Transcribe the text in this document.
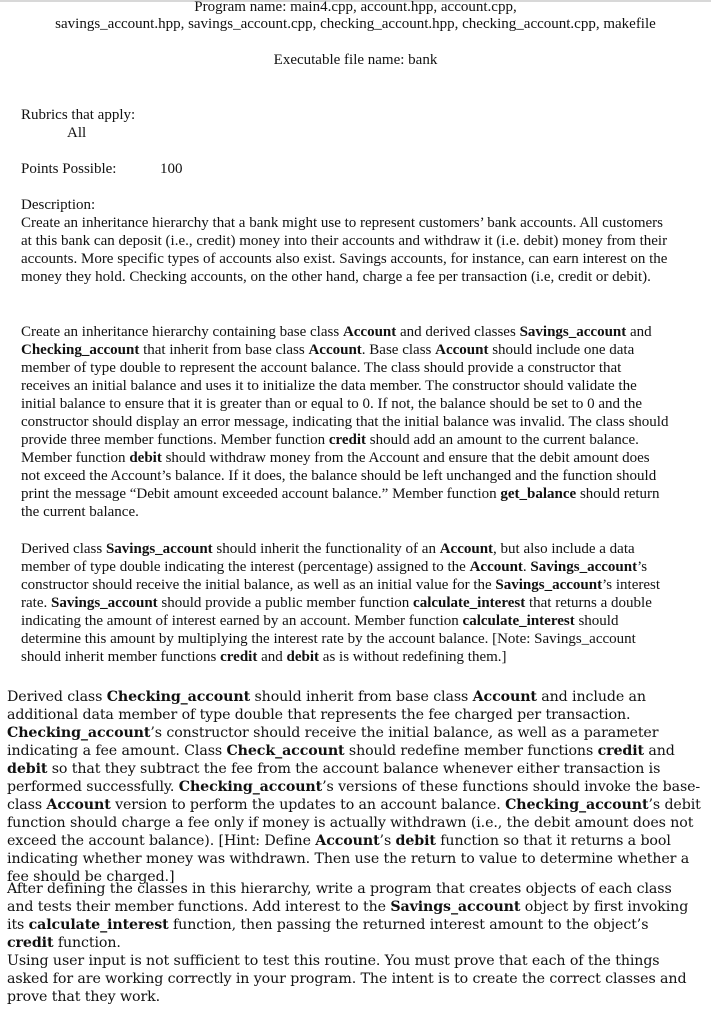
Program name: main4.cpp, account.hpp, account.cpp,
savings_account.hpp, savings_account.cpp, checking_account.hpp, checking_account.cpp, makefile
Executable file name: bank
Rubrics that apply:
All
Points Possible:	100
Description:

Create an inheritance hierarchy that a bank might use to represent customers’ bank accounts. All customers at this bank can deposit (i.e., credit) money into their accounts and withdraw it (i.e. debit) money from their accounts. More specific types of accounts also exist. Savings accounts, for instance, can earn interest on the money they hold. Checking accounts, on the other hand, charge a fee per transaction (i.e, credit or debit).

Create an inheritance hierarchy containing base class Account and derived classes Savings_account and Checking_account that inherit from base class Account. Base class Account should include one data member of type double to represent the account balance. The class should provide a constructor that receives an initial balance and uses it to initialize the data member. The constructor should validate the initial balance to ensure that it is greater than or equal to 0. If not, the balance should be set to 0 and the constructor should display an error message, indicating that the initial balance was invalid. The class should provide three member functions. Member function credit should add an amount to the current balance. Member function debit should withdraw money from the Account and ensure that the debit amount does not exceed the Account’s balance. If it does, the balance should be left unchanged and the function should print the message “Debit amount exceeded account balance.” Member function get_balance should return the current balance.

Derived class Savings_account should inherit the functionality of an Account, but also include a data member of type double indicating the interest (percentage) assigned to the Account. Savings_account’s constructor should receive the initial balance, as well as an initial value for the Savings_account’s interest rate. Savings_account should provide a public member function calculate_interest that returns a double indicating the amount of interest earned by an account. Member function calculate_interest should determine this amount by multiplying the interest rate by the account balance. [Note: Savings_account should inherit member functions credit and debit as is without redefining them.]

Derived class Checking_account should inherit from base class Account and include an additional data member of type double that represents the fee charged per transaction. Checking_account’s constructor should receive the initial balance, as well as a parameter indicating a fee amount. Class Check_account should redefine member functions credit and debit so that they subtract the fee from the account balance whenever either transaction is performed successfully. Checking_account’s versions of these functions should invoke the base-class Account version to perform the updates to an account balance. Checking_account’s debit function should charge a fee only if money is actually withdrawn (i.e., the debit amount does not exceed the account balance). [Hint: Define Account’s debit function so that it returns a bool indicating whether money was withdrawn. Then use the return to value to determine whether a fee should be charged.]

After defining the classes in this hierarchy, write a program that creates objects of each class and tests their member functions. Add interest to the Savings_account object by first invoking its calculate_interest function, then passing the returned interest amount to the object’s credit function.

Using user input is not sufficient to test this routine. You must prove that each of the things asked for are working correctly in your program. The intent is to create the correct classes and prove that they work.
